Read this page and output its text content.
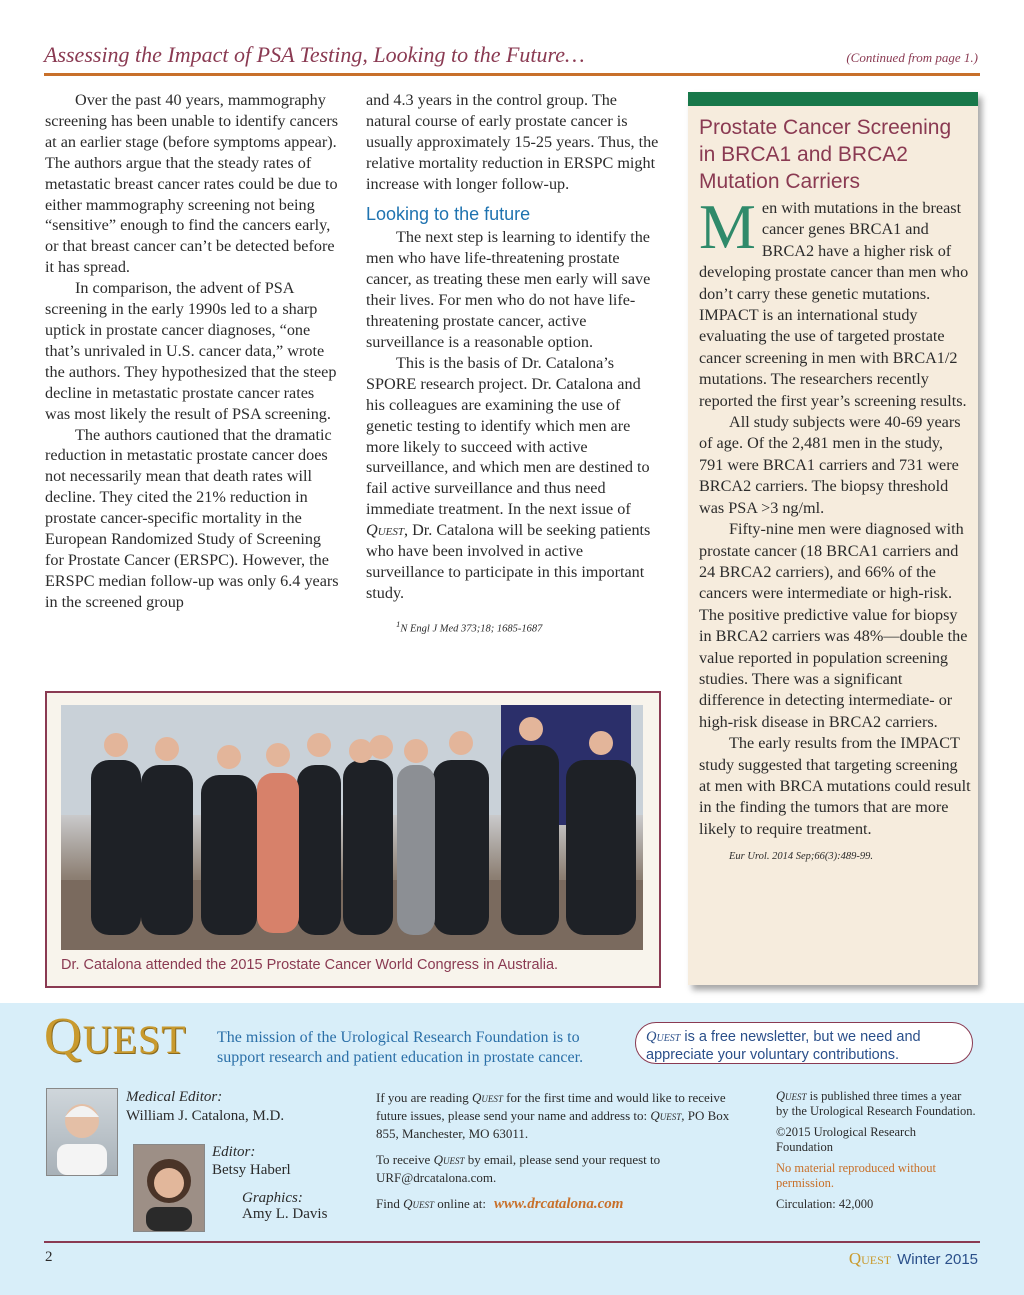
Assessing the Impact of PSA Testing, Looking to the Future…	(Continued from page 1.)

Over the past 40 years, mammography screening has been unable to identify cancers at an earlier stage (before symptoms appear). The authors argue that the steady rates of metastatic breast cancer rates could be due to either mammography screening not being “sensitive” enough to find the cancers early, or that breast cancer can’t be detected before it has spread.

In comparison, the advent of PSA screening in the early 1990s led to a sharp uptick in prostate cancer diagnoses, “one that’s unrivaled in U.S. cancer data,” wrote the authors. They hypothesized that the steep decline in metastatic prostate cancer rates was most likely the result of PSA screening.

The authors cautioned that the dramatic reduction in metastatic prostate cancer does not necessarily mean that death rates will decline. They cited the 21% reduction in prostate cancer-specific mortality in the European Randomized Study of Screening for Prostate Cancer (ERSPC). However, the ERSPC median follow-up was only 6.4 years in the screened group

and 4.3 years in the control group. The natural course of early prostate cancer is usually approximately 15-25 years. Thus, the relative mortality reduction in ERSPC might increase with longer follow-up.

Looking to the future

The next step is learning to identify the men who have life-threatening prostate cancer, as treating these men early will save their lives. For men who do not have life-threatening prostate cancer, active surveillance is a reasonable option.

This is the basis of Dr. Catalona’s SPORE research project. Dr. Catalona and his colleagues are examining the use of genetic testing to identify which men are more likely to succeed with active surveillance, and which men are destined to fail active surveillance and thus need immediate treatment. In the next issue of Quest, Dr. Catalona will be seeking patients who have been involved in active surveillance to participate in this important study.

$^1$N Engl J Med 373;18; 1685-1687

Prostate Cancer Screening in BRCA1 and BRCA2 Mutation Carriers

Men with mutations in the breast cancer genes BRCA1 and BRCA2 have a higher risk of developing prostate cancer than men who don’t carry these genetic mutations. IMPACT is an international study evaluating the use of targeted prostate cancer screening in men with BRCA1/2 mutations. The researchers recently reported the first year’s screening results.

All study subjects were 40-69 years of age. Of the 2,481 men in the study, 791 were BRCA1 carriers and 731 were BRCA2 carriers. The biopsy threshold was PSA >3 ng/ml.

Fifty-nine men were diagnosed with prostate cancer (18 BRCA1 carriers and 24 BRCA2 carriers), and 66% of the cancers were intermediate or high-risk. The positive predictive value for biopsy in BRCA2 carriers was 48%—double the value reported in population screening studies. There was a significant difference in detecting intermediate- or high-risk disease in BRCA2 carriers.

The early results from the IMPACT study suggested that targeting screening at men with BRCA mutations could result in the finding the tumors that are more likely to require treatment.

Eur Urol. 2014 Sep;66(3):489-99.

Dr. Catalona attended the 2015 Prostate Cancer World Congress in Australia.
QUEST The mission of the Urological Research Foundation is to support research and patient education in prostate cancer.
Quest is a free newsletter, but we need and appreciate your voluntary contributions.
Medical Editor:
William J. Catalona, M.D.
Editor:
Betsy Haberl
Graphics:
Amy L. Davis

If you are reading Quest for the first time and would like to receive future issues, please send your name and address to: Quest, PO Box 855, Manchester, MO 63011.

To receive Quest by email, please send your request to URF@drcatalona.com.

Find Quest online at: www.drcatalona.com

Quest is published three times a year by the Urological Research Foundation.

©2015 Urological Research Foundation

No material reproduced without permission.

Circulation: 42,000

2	Quest Winter 2015
